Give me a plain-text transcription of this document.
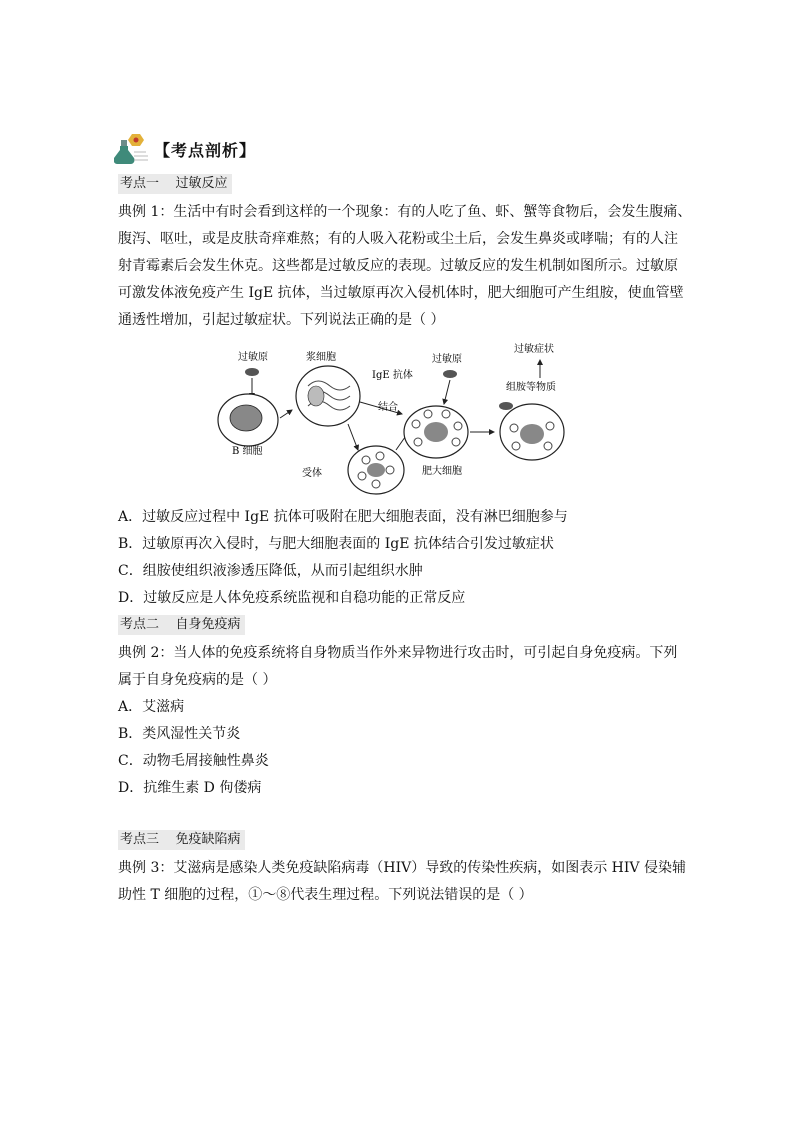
【考点剖析】
考点一    过敏反应
典例 1：生活中有时会看到这样的一个现象：有的人吃了鱼、虾、蟹等食物后，会发生腹痛、
腹泻、呕吐，或是皮肤奇痒难熬；有的人吸入花粉或尘土后，会发生鼻炎或哮喘；有的人注
射青霉素后会发生休克。这些都是过敏反应的表现。过敏反应的发生机制如图所示。过敏原
可激发体液免疫产生 IgE 抗体，当过敏原再次入侵机体时，肥大细胞可产生组胺，使血管壁
通透性增加，引起过敏症状。下列说法正确的是（ ）
过敏原
B 细胞
浆细胞
IgE 抗体
结合
受体
过敏原
肥大细胞
组胺等物质
过敏症状
A．过敏反应过程中 IgE 抗体可吸附在肥大细胞表面，没有淋巴细胞参与
B．过敏原再次入侵时，与肥大细胞表面的 IgE 抗体结合引发过敏症状
C．组胺使组织液渗透压降低，从而引起组织水肿
D．过敏反应是人体免疫系统监视和自稳功能的正常反应
考点二    自身免疫病
典例 2：当人体的免疫系统将自身物质当作外来异物进行攻击时，可引起自身免疫病。下列
属于自身免疫病的是（ ）
A．艾滋病
B．类风湿性关节炎
C．动物毛屑接触性鼻炎
D．抗维生素 D 佝偻病
考点三    免疫缺陷病
典例 3：艾滋病是感染人类免疫缺陷病毒（HIV）导致的传染性疾病，如图表示 HIV 侵染辅
助性 T 细胞的过程，①～⑧代表生理过程。下列说法错误的是（ ）
